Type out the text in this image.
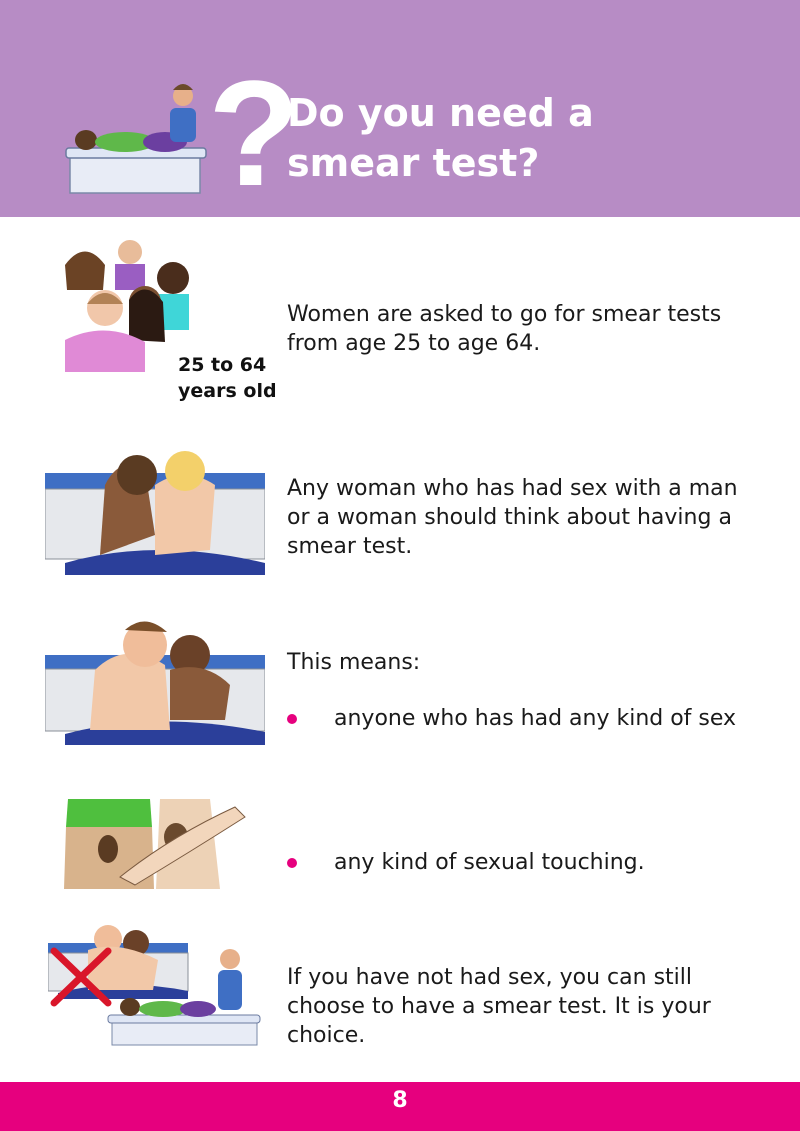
?
Do you need a
smear test?
25 to 64
years old
Women are asked to go for smear tests
from age 25 to age 64.
Any woman who has had sex with a man
or a woman should think about having a
smear test.
This means:
anyone who has had any kind of sex
any kind of sexual touching.
If you have not had sex, you can still
choose to have a smear test. It is your
choice.
8
